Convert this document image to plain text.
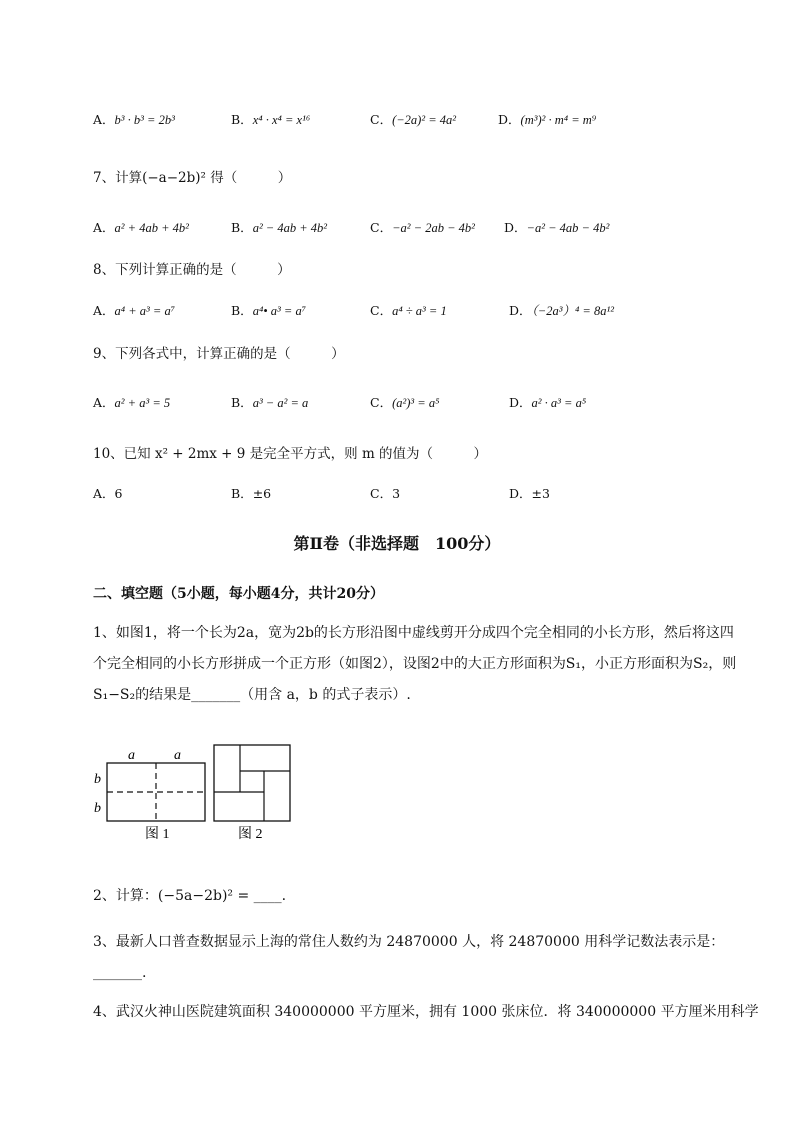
A．b³ · b³ = 2b³	B．x⁴ · x⁴ = x¹⁶	C．(−2a)² = 4a²	D．(m³)² · m⁴ = m⁹
7、计算(−a−2b)² 得（　　　）
A．a² + 4ab + 4b²	B．a² − 4ab + 4b²	C．−a² − 2ab − 4b² D．−a² − 4ab − 4b²
8、下列计算正确的是（　　　）
A．a⁴ + a³ = a⁷	B．a⁴• a³ = a⁷	C．a⁴ ÷ a³ = 1	D．（−2a³）⁴ = 8a¹²
9、下列各式中，计算正确的是（　　　）
A．a² + a³ = 5	B．a³ − a² = a	C．(a²)³ = a⁵	D．a² · a³ = a⁵
10、已知 x² + 2mx + 9 是完全平方式，则 m 的值为（　　　）
A．6	B．±6	C．3	D．±3
第Ⅱ卷（非选择题　100分）
二、填空题（5小题，每小题4分，共计20分）
1、如图1，将一个长为2a，宽为2b的长方形沿图中虚线剪开分成四个完全相同的小长方形，然后将这四个完全相同的小长方形拼成一个正方形（如图2），设图2中的大正方形面积为S₁，小正方形面积为S₂，则S₁−S₂的结果是_______（用含 a，b 的式子表示）.
a	a
b
b
图 1	图 2
2、计算：(−5a−2b)² = ____.
3、最新人口普查数据显示上海的常住人数约为 24870000 人，将 24870000 用科学记数法表示是：_______.
4、武汉火神山医院建筑面积 340000000 平方厘米，拥有 1000 张床位．将 340000000 平方厘米用科学
